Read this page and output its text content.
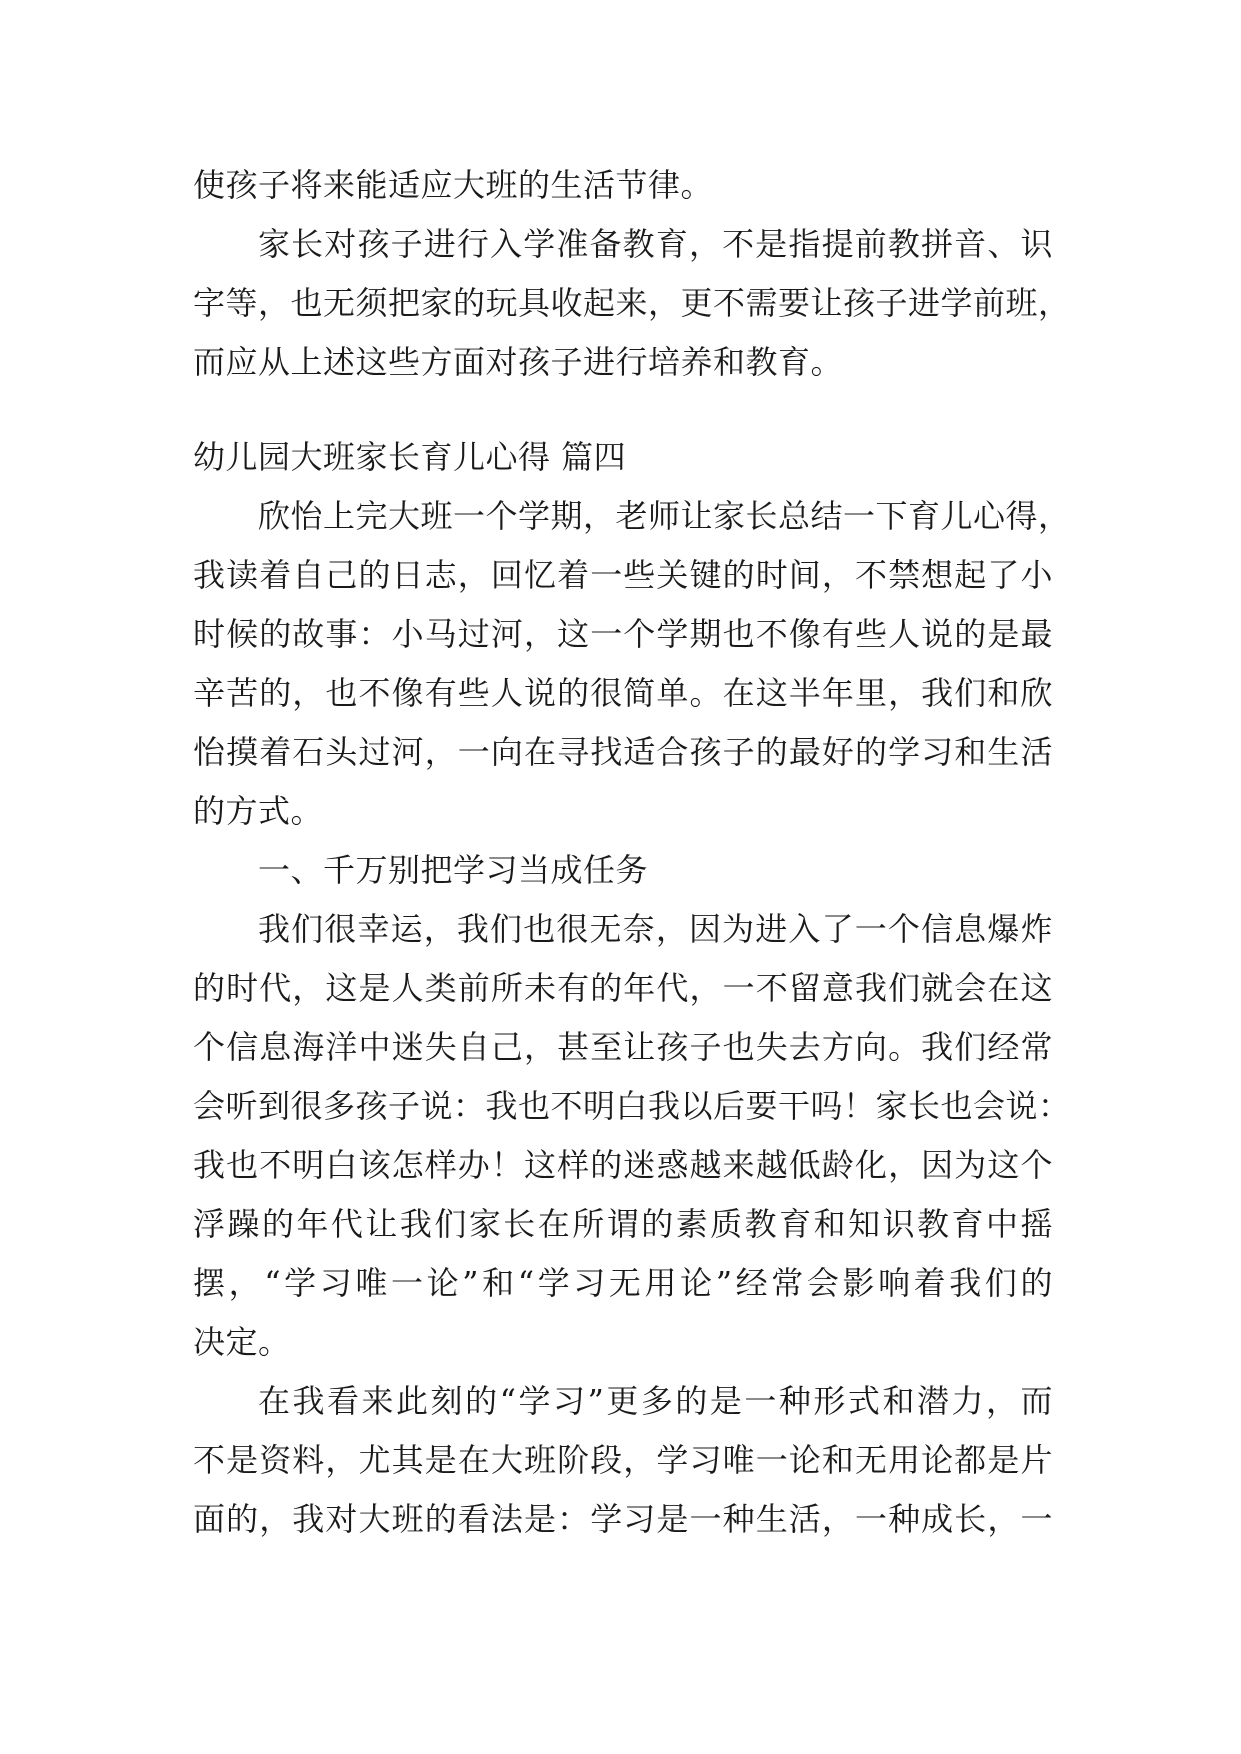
使孩子将来能适应大班的生活节律。
家长对孩子进行入学准备教育，不是指提前教拼音、识
字等，也无须把家的玩具收起来，更不需要让孩子进学前班，
而应从上述这些方面对孩子进行培养和教育。
幼儿园大班家长育儿心得 篇四
欣怡上完大班一个学期，老师让家长总结一下育儿心得，
我读着自己的日志，回忆着一些关键的时间，不禁想起了小
时候的故事：小马过河，这一个学期也不像有些人说的是最
辛苦的，也不像有些人说的很简单。在这半年里，我们和欣
怡摸着石头过河，一向在寻找适合孩子的最好的学习和生活
的方式。
一、千万别把学习当成任务
我们很幸运，我们也很无奈，因为进入了一个信息爆炸
的时代，这是人类前所未有的年代，一不留意我们就会在这
个信息海洋中迷失自己，甚至让孩子也失去方向。我们经常
会听到很多孩子说：我也不明白我以后要干吗！家长也会说：
我也不明白该怎样办！这样的迷惑越来越低龄化，因为这个
浮躁的年代让我们家长在所谓的素质教育和知识教育中摇
摆，“学习唯一论”和“学习无用论”经常会影响着我们的
决定。
在我看来此刻的“学习”更多的是一种形式和潜力，而
不是资料，尤其是在大班阶段，学习唯一论和无用论都是片
面的，我对大班的看法是：学习是一种生活，一种成长，一
